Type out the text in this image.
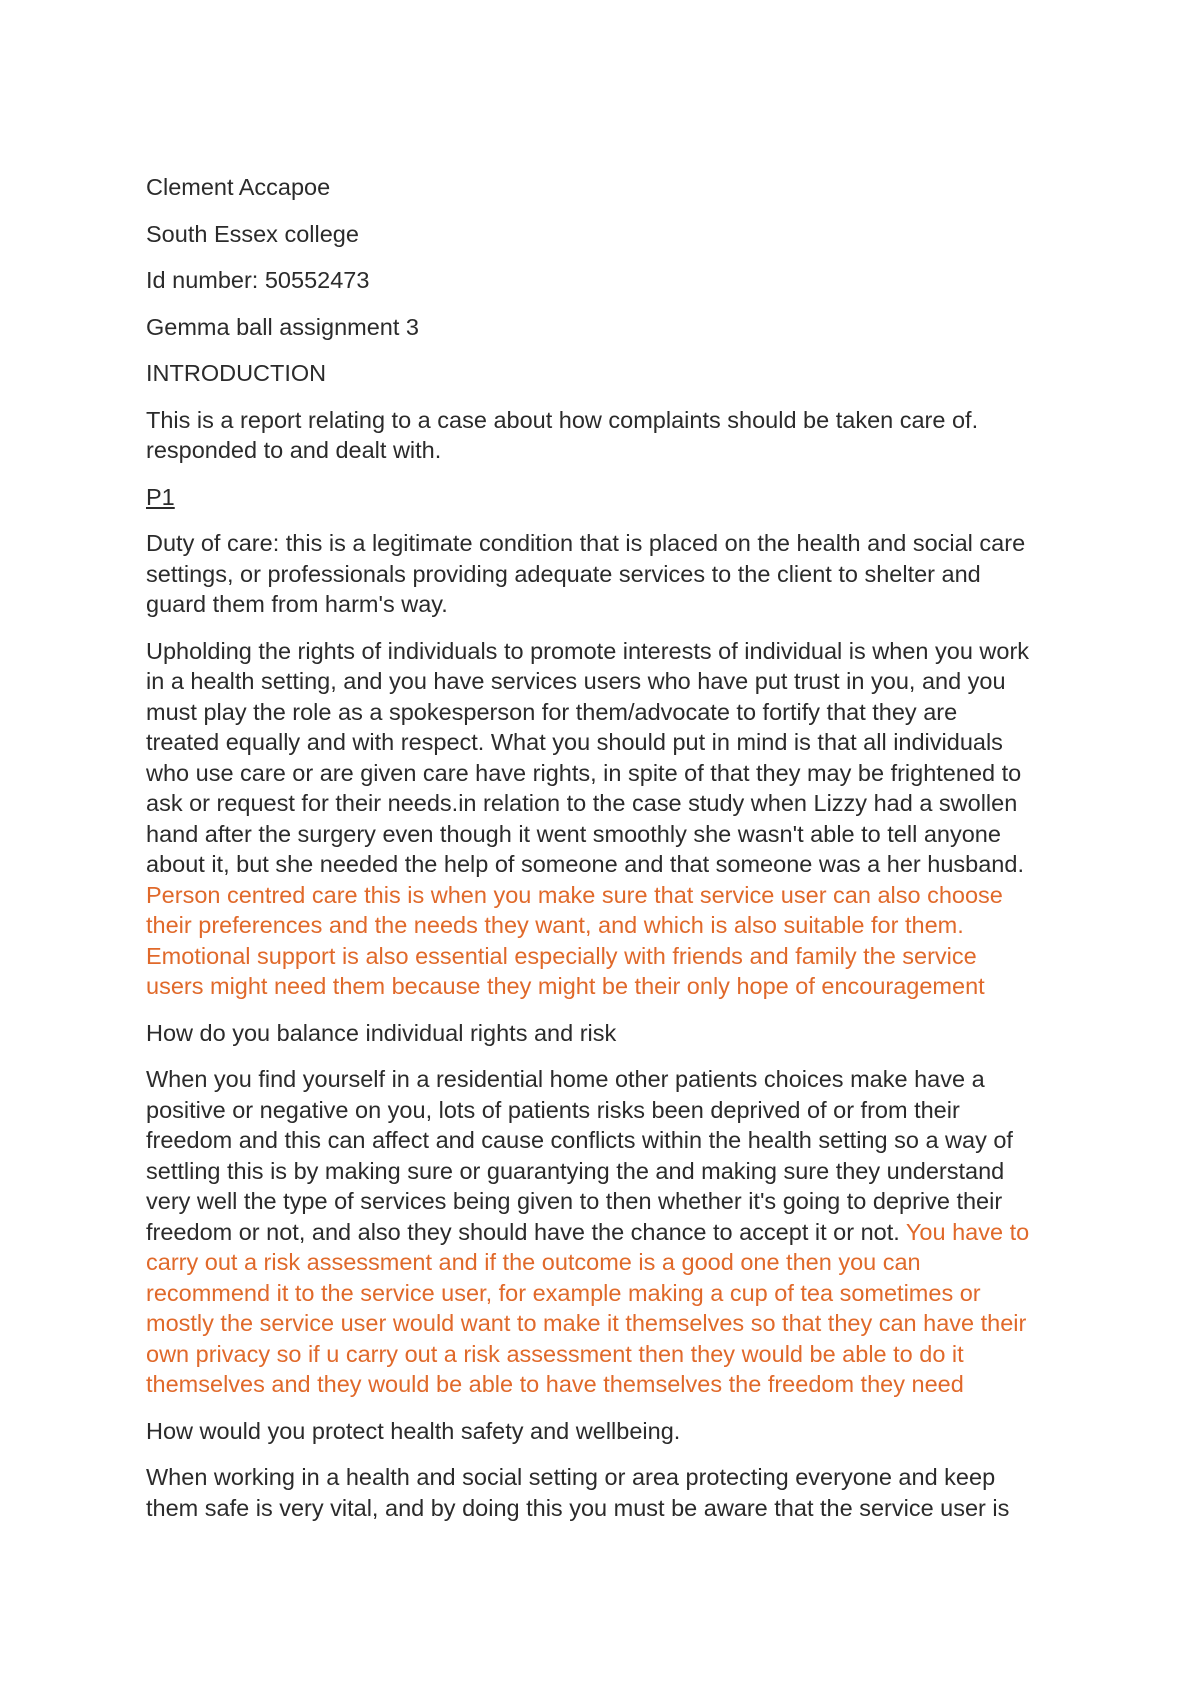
Clement Accapoe
South Essex college
Id number: 50552473
Gemma ball assignment 3
INTRODUCTION
This is a report relating to a case about how complaints should be taken care of.
responded to and dealt with.
P1
Duty of care: this is a legitimate condition that is placed on the health and social care
settings, or professionals providing adequate services to the client to shelter and
guard them from harm's way.
Upholding the rights of individuals to promote interests of individual is when you work
in a health setting, and you have services users who have put trust in you, and you
must play the role as a spokesperson for them/advocate to fortify that they are
treated equally and with respect. What you should put in mind is that all individuals
who use care or are given care have rights, in spite of that they may be frightened to
ask or request for their needs.in relation to the case study when Lizzy had a swollen
hand after the surgery even though it went smoothly she wasn't able to tell anyone
about it, but she needed the help of someone and that someone was a her husband.
Person centred care this is when you make sure that service user can also choose
their preferences and the needs they want, and which is also suitable for them.
Emotional support is also essential especially with friends and family the service
users might need them because they might be their only hope of encouragement
How do you balance individual rights and risk
When you find yourself in a residential home other patients choices make have a
positive or negative on you, lots of patients risks been deprived of or from their
freedom and this can affect and cause conflicts within the health setting so a way of
settling this is by making sure or guarantying the and making sure they understand
very well the type of services being given to then whether it's going to deprive their
freedom or not, and also they should have the chance to accept it or not. You have to
carry out a risk assessment and if the outcome is a good one then you can
recommend it to the service user, for example making a cup of tea sometimes or
mostly the service user would want to make it themselves so that they can have their
own privacy so if u carry out a risk assessment then they would be able to do it
themselves and they would be able to have themselves the freedom they need
How would you protect health safety and wellbeing.
When working in a health and social setting or area protecting everyone and keep
them safe is very vital, and by doing this you must be aware that the service user is
